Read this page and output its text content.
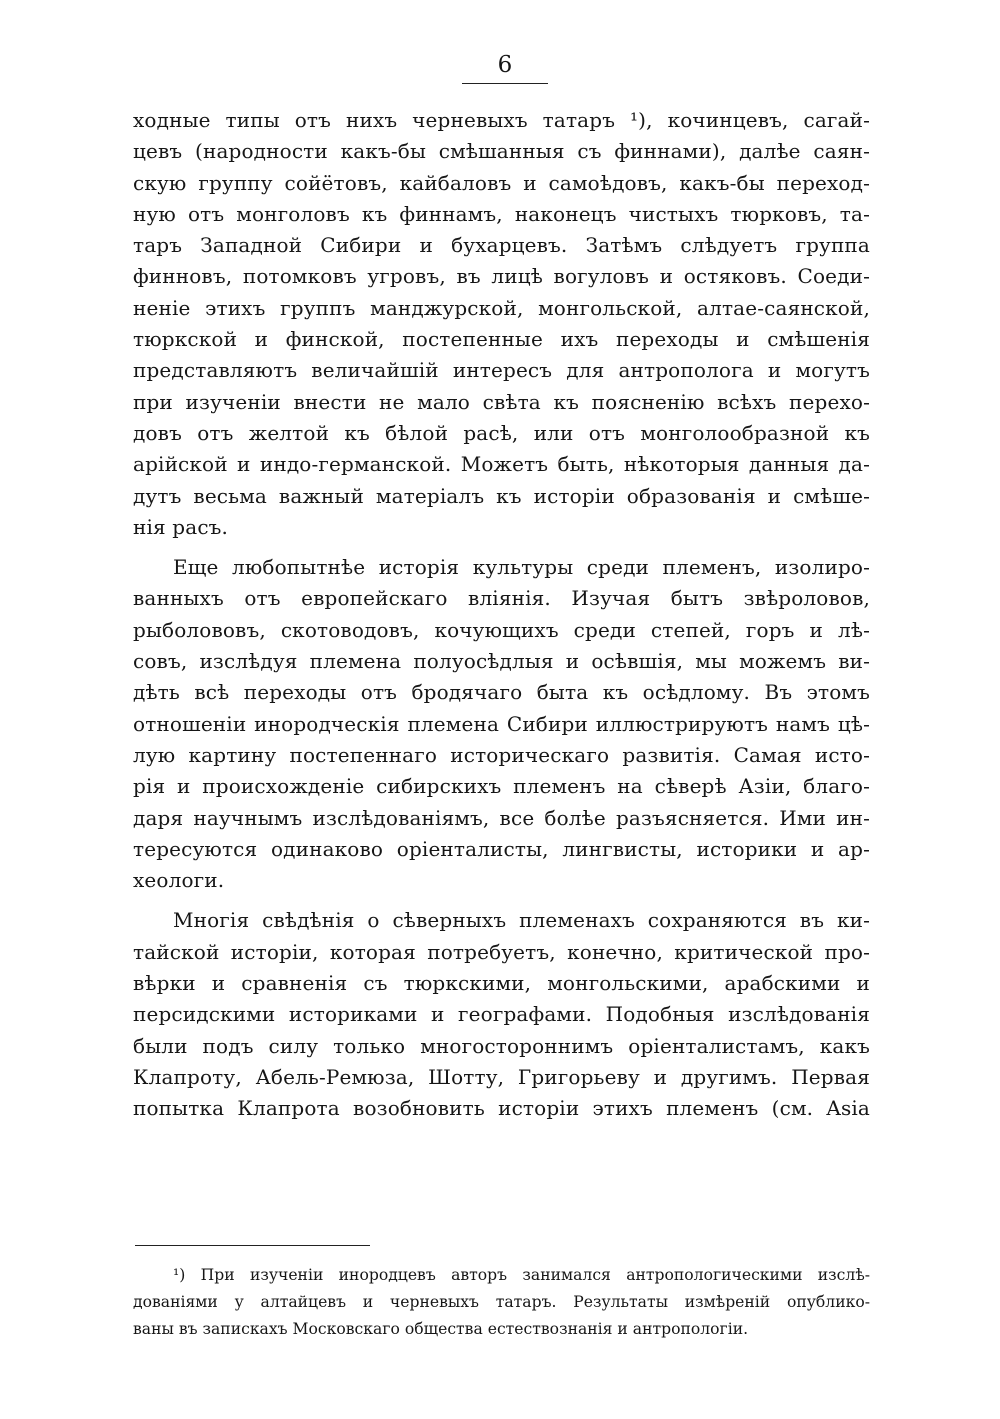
6
ходные типы отъ нихъ черневыхъ татаръ ¹), кочинцевъ, сагай-
цевъ (народности какъ-бы смѣшанныя съ финнами), далѣе саян-
скую группу сойётовъ, кайбаловъ и самоѣдовъ, какъ-бы переход-
ную отъ монголовъ къ финнамъ, наконецъ чистыхъ тюрковъ, та-
таръ Западной Сибири и бухарцевъ. Затѣмъ слѣдуетъ группа
финновъ, потомковъ угровъ, въ лицѣ вогуловъ и остяковъ. Соеди-
неніе этихъ группъ манджурской, монгольской, алтае-саянской,
тюркской и финской, постепенные ихъ переходы и смѣшенія
представляютъ величайшій интересъ для антрополога и могутъ
при изученіи внести не мало свѣта къ поясненію всѣхъ перехо-
довъ отъ желтой къ бѣлой расѣ, или отъ монголообразной къ
арійской и индо-германской. Можетъ быть, нѣкоторыя данныя да-
дутъ весьма важный матеріалъ къ исторіи образованія и смѣше-
нія расъ.
Еще любопытнѣе исторія культуры среди племенъ, изолиро-
ванныхъ отъ европейскаго вліянія. Изучая бытъ звѣроловов,
рыболововъ, скотоводовъ, кочующихъ среди степей, горъ и лѣ-
совъ, изслѣдуя племена полуосѣдлыя и осѣвшія, мы можемъ ви-
дѣть всѣ переходы отъ бродячаго быта къ осѣдлому. Въ этомъ
отношеніи инородческія племена Сибири иллюстрируютъ намъ цѣ-
лую картину постепеннаго историческаго развитія. Самая исто-
рія и происхожденіе сибирскихъ племенъ на сѣверѣ Азіи, благо-
даря научнымъ изслѣдованіямъ, все болѣе разъясняется. Ими ин-
тересуются одинаково оріенталисты, лингвисты, историки и ар-
хеологи.
Многія свѣдѣнія о сѣверныхъ племенахъ сохраняются въ ки-
тайской исторіи, которая потребуетъ, конечно, критической про-
вѣрки и сравненія съ тюркскими, монгольскими, арабскими и
персидскими историками и географами. Подобныя изслѣдованія
были подъ силу только многостороннимъ оріенталистамъ, какъ
Клапроту, Абель-Ремюза, Шотту, Григорьеву и другимъ. Первая
попытка Клапрота возобновить исторіи этихъ племенъ (см. Asia
¹) При изученіи инородцевъ авторъ занимался антропологическими изслѣ-
дованіями у алтайцевъ и черневыхъ татаръ. Результаты измѣреній опублико-
ваны въ запискахъ Московскаго общества естествознанія и антропологіи.
